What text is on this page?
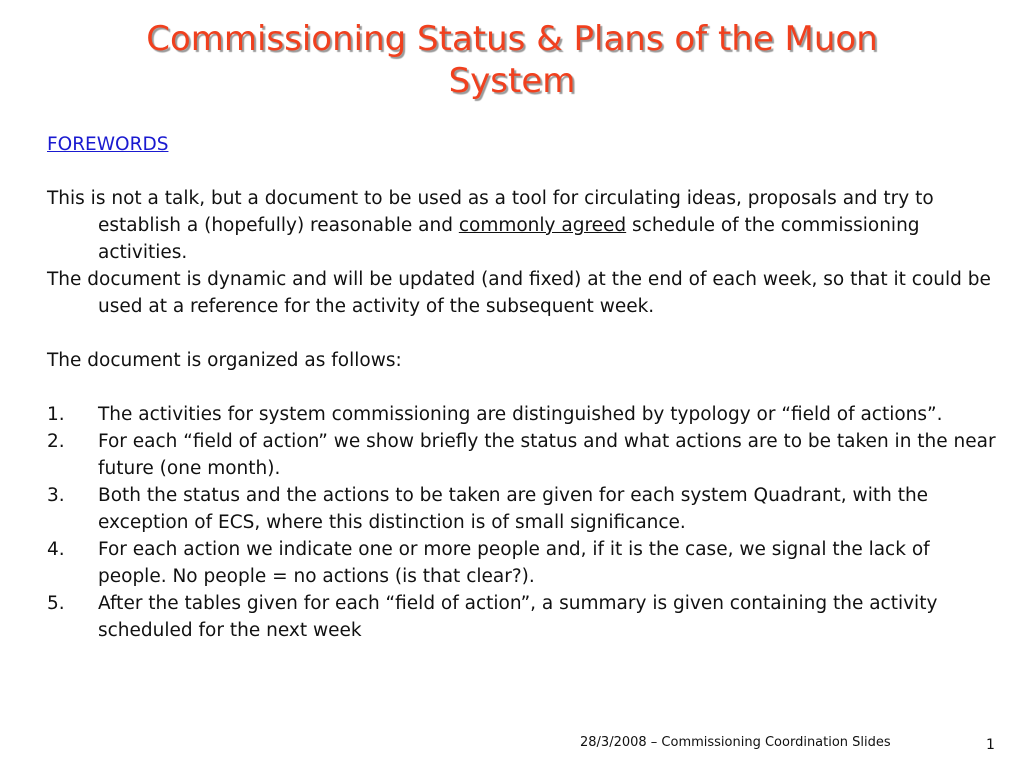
Commissioning Status & Plans of the Muon
System

FOREWORDS

This is not a talk, but a document to be used as a tool for circulating ideas, proposals and try to establish a (hopefully) reasonable and commonly agreed schedule of the commissioning activities.

The document is dynamic and will be updated (and fixed) at the end of each week, so that it could be used at a reference for the activity of the subsequent week.

The document is organized as follows:

1. The activities for system commissioning are distinguished by typology or “field of actions”.

2. For each “field of action” we show briefly the status and what actions are to be taken in the near future (one month).

3. Both the status and the actions to be taken are given for each system Quadrant, with the exception of ECS, where this distinction is of small significance.

4. For each action we indicate one or more people and, if it is the case, we signal the lack of people. No people = no actions (is that clear?).

5. After the tables given for each “field of action”, a summary is given containing the activity scheduled for the next week

28/3/2008 – Commissioning Coordination Slides	1
